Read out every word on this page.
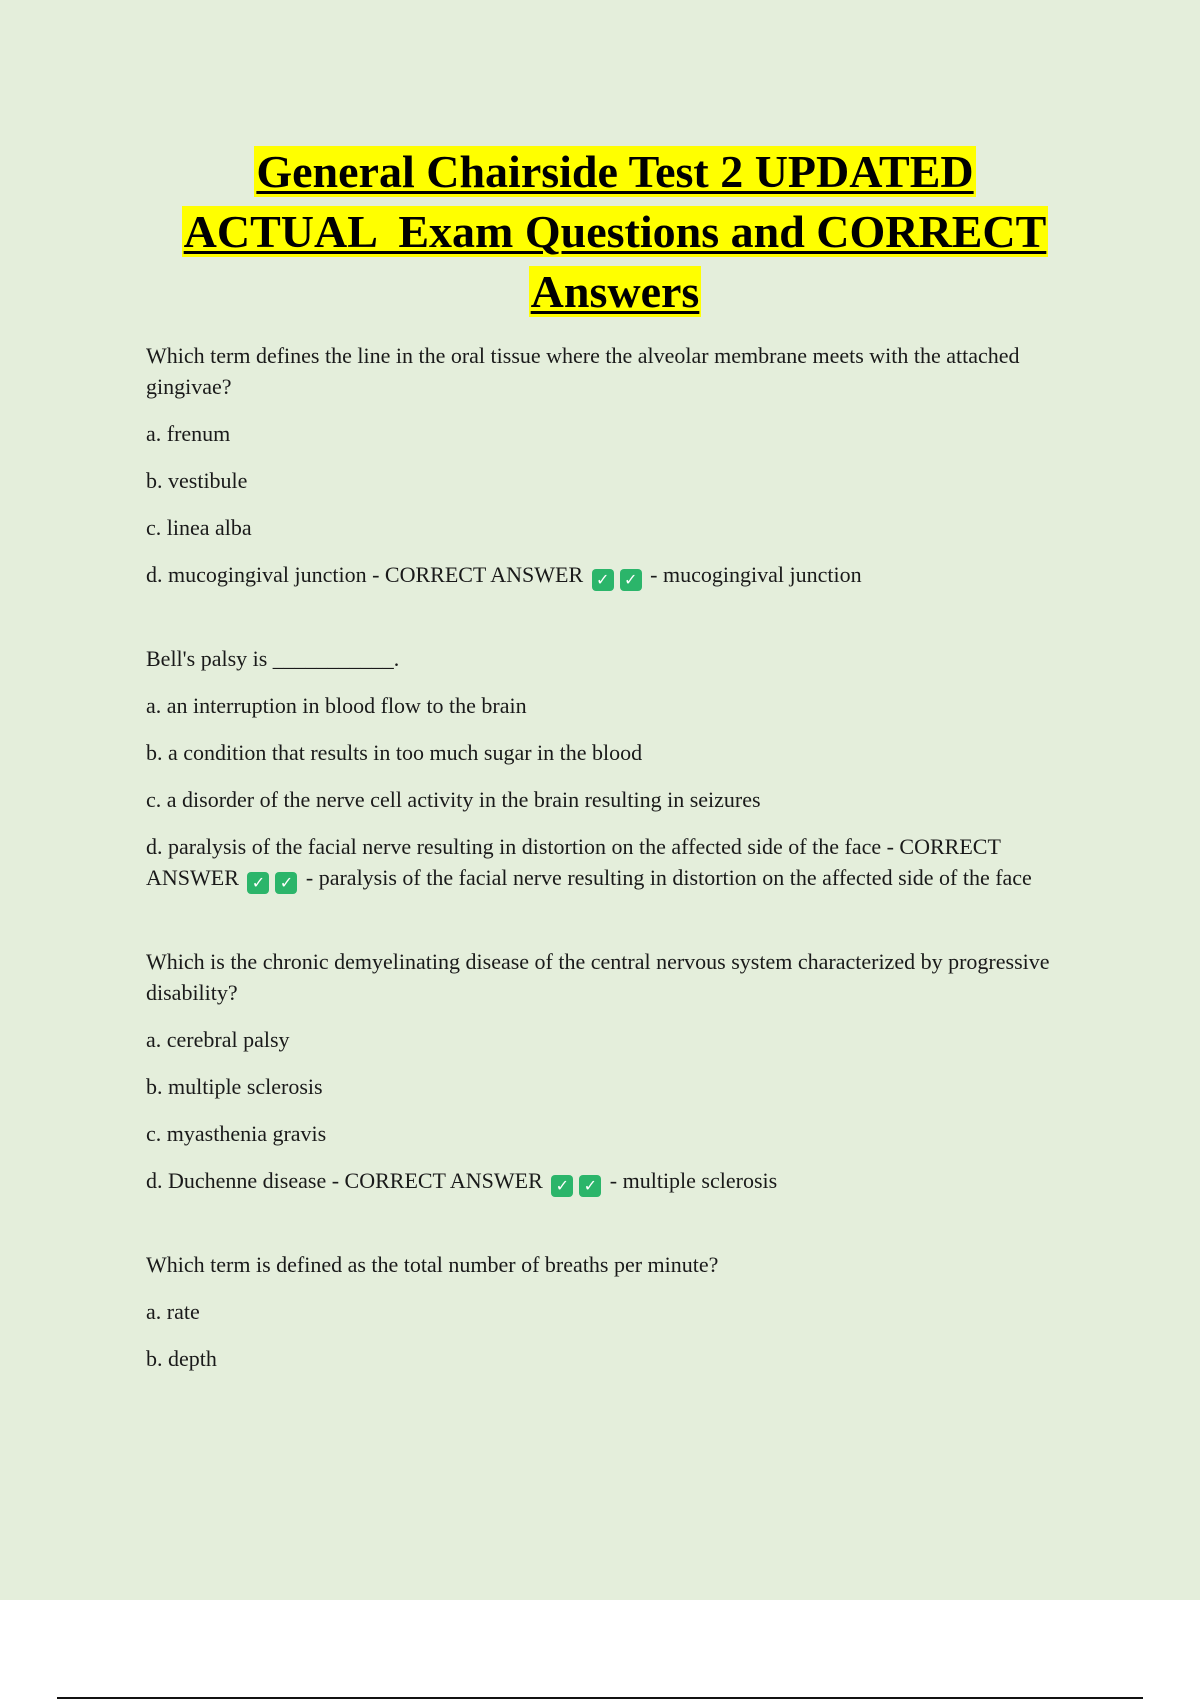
General Chairside Test 2 UPDATED
ACTUAL  Exam Questions and CORRECT
Answers
Which term defines the line in the oral tissue where the alveolar membrane meets with the attached gingivae?
a. frenum
b. vestibule
c. linea alba
d. mucogingival junction - CORRECT ANSWER ✓ ✓ - mucogingival junction
Bell's palsy is ___________.
a. an interruption in blood flow to the brain
b. a condition that results in too much sugar in the blood
c. a disorder of the nerve cell activity in the brain resulting in seizures
d. paralysis of the facial nerve resulting in distortion on the affected side of the face - CORRECT ANSWER ✓ ✓ - paralysis of the facial nerve resulting in distortion on the affected side of the face
Which is the chronic demyelinating disease of the central nervous system characterized by progressive disability?
a. cerebral palsy
b. multiple sclerosis
c. myasthenia gravis
d. Duchenne disease - CORRECT ANSWER ✓ ✓ - multiple sclerosis
Which term is defined as the total number of breaths per minute?
a. rate
b. depth
